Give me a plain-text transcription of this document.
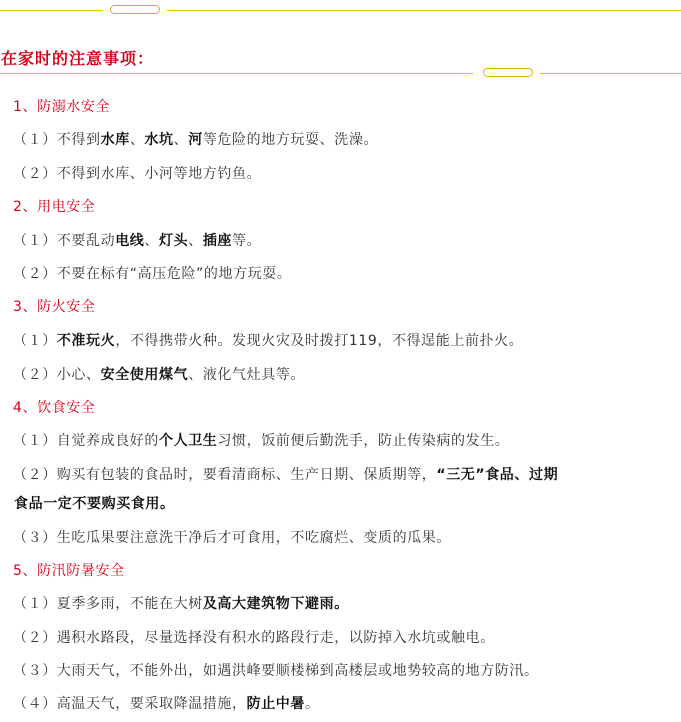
在家时的注意事项：
1、防溺水安全
（１）不得到水库、水坑、河等危险的地方玩耍、洗澡。
（２）不得到水库、小河等地方钓鱼。
2、用电安全
（１）不要乱动电线、灯头、插座等。
（２）不要在标有“高压危险”的地方玩耍。
3、防火安全
（１）不准玩火，不得携带火种。发现火灾及时拨打119，不得逞能上前扑火。
（２）小心、安全使用煤气、液化气灶具等。
4、饮食安全
（１）自觉养成良好的个人卫生习惯，饭前便后勤洗手，防止传染病的发生。
（２）购买有包装的食品时，要看清商标、生产日期、保质期等，“三无”食品、过期
食品一定不要购买食用。
（３）生吃瓜果要注意洗干净后才可食用，不吃腐烂、变质的瓜果。
5、防汛防暑安全
（１）夏季多雨，不能在大树及高大建筑物下避雨。
（２）遇积水路段，尽量选择没有积水的路段行走，以防掉入水坑或触电。
（３）大雨天气，不能外出，如遇洪峰要顺楼梯到高楼层或地势较高的地方防汛。
（４）高温天气，要采取降温措施，防止中暑。
